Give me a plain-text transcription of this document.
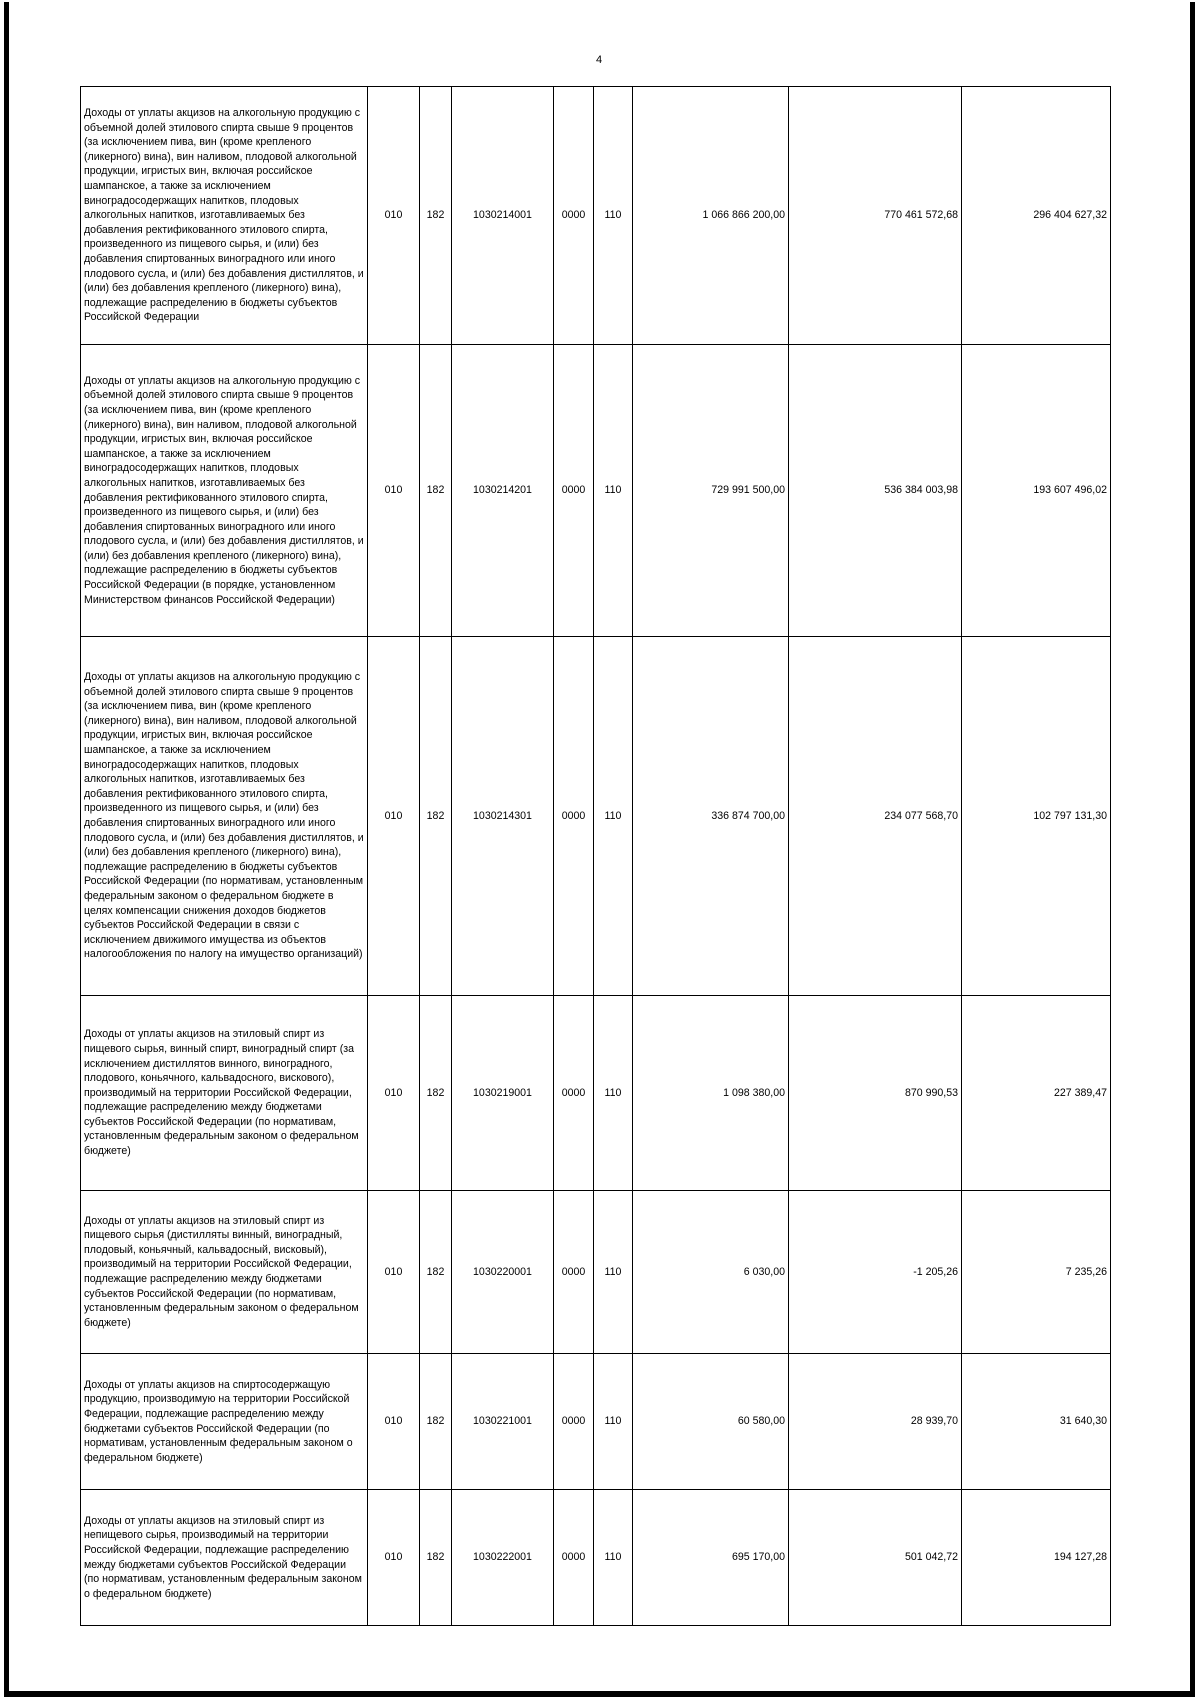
4
Доходы от уплаты акцизов на алкогольную продукцию с объемной долей этилового спирта свыше 9 процентов (за исключением пива, вин (кроме крепленого (ликерного) вина), вин наливом, плодовой алкогольной продукции, игристых вин, включая российское шампанское, а также за исключением виноградосодержащих напитков, плодовых алкогольных напитков, изготавливаемых без добавления ректификованного этилового спирта, произведенного из пищевого сырья, и (или) без добавления спиртованных виноградного или иного плодового сусла, и (или) без добавления дистиллятов, и (или) без добавления крепленого (ликерного) вина), подлежащие распределению в бюджеты субъектов Российской Федерации	010	182	1030214001	0000	110	1 066 866 200,00	770 461 572,68	296 404 627,32
Доходы от уплаты акцизов на алкогольную продукцию с объемной долей этилового спирта свыше 9 процентов (за исключением пива, вин (кроме крепленого (ликерного) вина), вин наливом, плодовой алкогольной продукции, игристых вин, включая российское шампанское, а также за исключением виноградосодержащих напитков, плодовых алкогольных напитков, изготавливаемых без добавления ректификованного этилового спирта, произведенного из пищевого сырья, и (или) без добавления спиртованных виноградного или иного плодового сусла, и (или) без добавления дистиллятов, и (или) без добавления крепленого (ликерного) вина), подлежащие распределению в бюджеты субъектов Российской Федерации (в порядке, установленном Министерством финансов Российской Федерации)	010	182	1030214201	0000	110	729 991 500,00	536 384 003,98	193 607 496,02
Доходы от уплаты акцизов на алкогольную продукцию с объемной долей этилового спирта свыше 9 процентов (за исключением пива, вин (кроме крепленого (ликерного) вина), вин наливом, плодовой алкогольной продукции, игристых вин, включая российское шампанское, а также за исключением виноградосодержащих напитков, плодовых алкогольных напитков, изготавливаемых без добавления ректификованного этилового спирта, произведенного из пищевого сырья, и (или) без добавления спиртованных виноградного или иного плодового сусла, и (или) без добавления дистиллятов, и (или) без добавления крепленого (ликерного) вина), подлежащие распределению в бюджеты субъектов Российской Федерации (по нормативам, установленным федеральным законом о федеральном бюджете в целях компенсации снижения доходов бюджетов субъектов Российской Федерации в связи с исключением движимого имущества из объектов налогообложения по налогу на имущество организаций)	010	182	1030214301	0000	110	336 874 700,00	234 077 568,70	102 797 131,30
Доходы от уплаты акцизов на этиловый спирт из пищевого сырья, винный спирт, виноградный спирт (за исключением дистиллятов винного, виноградного, плодового, коньячного, кальвадосного, вискового), производимый на территории Российской Федерации, подлежащие распределению между бюджетами субъектов Российской Федерации (по нормативам, установленным федеральным законом о федеральном бюджете)	010	182	1030219001	0000	110	1 098 380,00	870 990,53	227 389,47
Доходы от уплаты акцизов на этиловый спирт из пищевого сырья (дистилляты винный, виноградный, плодовый, коньячный, кальвадосный, висковый), производимый на территории Российской Федерации, подлежащие распределению между бюджетами субъектов Российской Федерации (по нормативам, установленным федеральным законом о федеральном бюджете)	010	182	1030220001	0000	110	6 030,00	-1 205,26	7 235,26
Доходы от уплаты акцизов на спиртосодержащую продукцию, производимую на территории Российской Федерации, подлежащие распределению между бюджетами субъектов Российской Федерации (по нормативам, установленным федеральным законом о федеральном бюджете)	010	182	1030221001	0000	110	60 580,00	28 939,70	31 640,30
Доходы от уплаты акцизов на этиловый спирт из непищевого сырья, производимый на территории Российской Федерации, подлежащие распределению между бюджетами субъектов Российской Федерации (по нормативам, установленным федеральным законом о федеральном бюджете)	010	182	1030222001	0000	110	695 170,00	501 042,72	194 127,28
